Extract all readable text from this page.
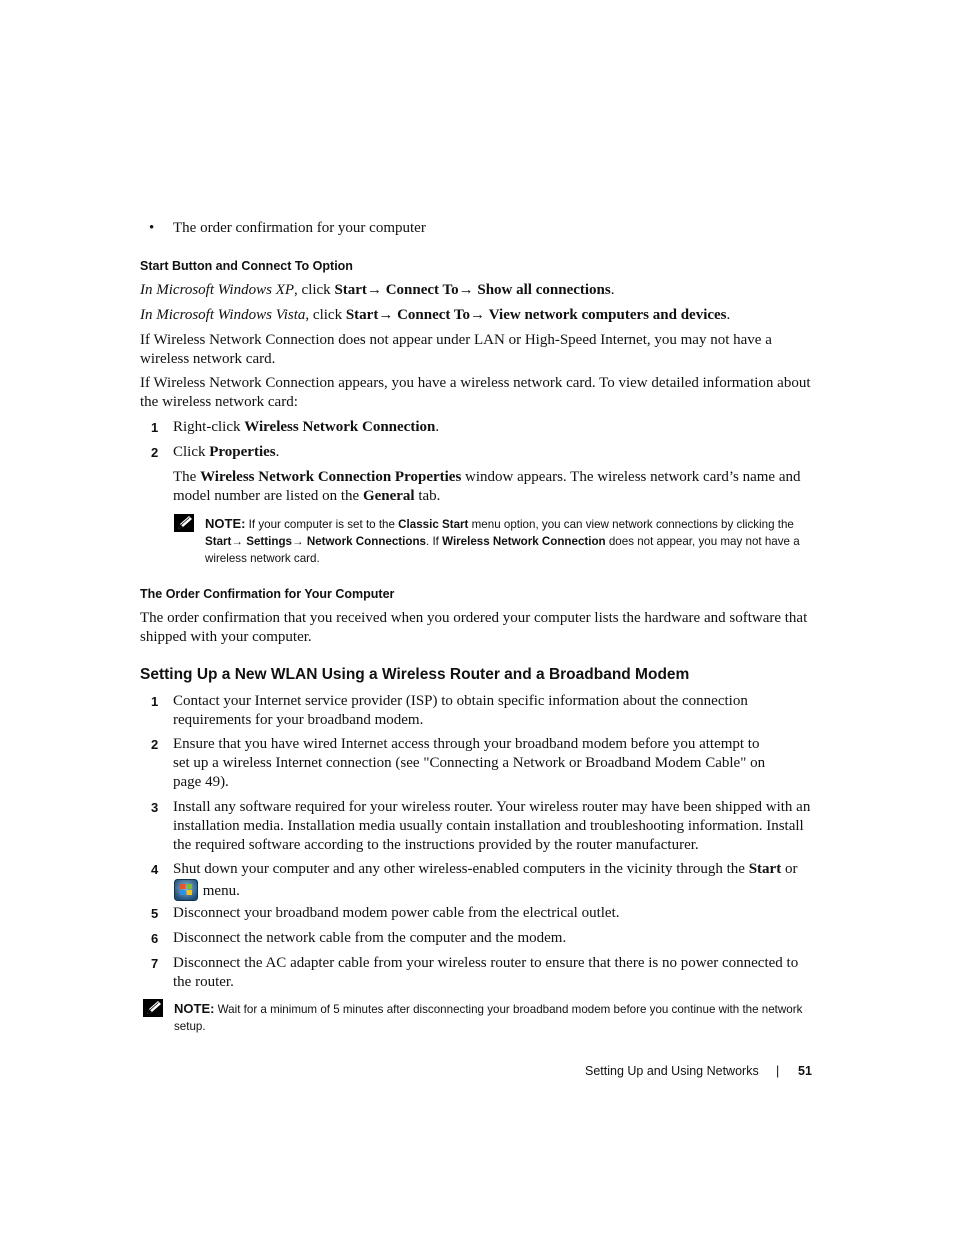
• The order confirmation for your computer
Start Button and Connect To Option

In Microsoft Windows XP, click Start→ Connect To→ Show all connections.

In Microsoft Windows Vista, click Start→ Connect To→ View network computers and devices.

If Wireless Network Connection does not appear under LAN or High-Speed Internet, you may not have a wireless network card.

If Wireless Network Connection appears, you have a wireless network card. To view detailed information about the wireless network card:

1 Right-click Wireless Network Connection.

2 Click Properties.

The Wireless Network Connection Properties window appears. The wireless network card’s name and model number are listed on the General tab.

NOTE: If your computer is set to the Classic Start menu option, you can view network connections by clicking the Start→ Settings→ Network Connections. If Wireless Network Connection does not appear, you may not have a wireless network card.

The Order Confirmation for Your Computer

The order confirmation that you received when you ordered your computer lists the hardware and software that shipped with your computer.

Setting Up a New WLAN Using a Wireless Router and a Broadband Modem
1 Contact your Internet service provider (ISP) to obtain specific information about the connection requirements for your broadband modem.

2 Ensure that you have wired Internet access through your broadband modem before you attempt to set up a wireless Internet connection (see "Connecting a Network or Broadband Modem Cable" on page 49).

3 Install any software required for your wireless router. Your wireless router may have been shipped with an installation media. Installation media usually contain installation and troubleshooting information. Install the required software according to the instructions provided by the router manufacturer.

4 Shut down your computer and any other wireless-enabled computers in the vicinity through the Start or  menu.

5 Disconnect your broadband modem power cable from the electrical outlet.

6 Disconnect the network cable from the computer and the modem.

7 Disconnect the AC adapter cable from your wireless router to ensure that there is no power connected to the router.

NOTE: Wait for a minimum of 5 minutes after disconnecting your broadband modem before you continue with the network setup.

Setting Up and Using Networks | 51
